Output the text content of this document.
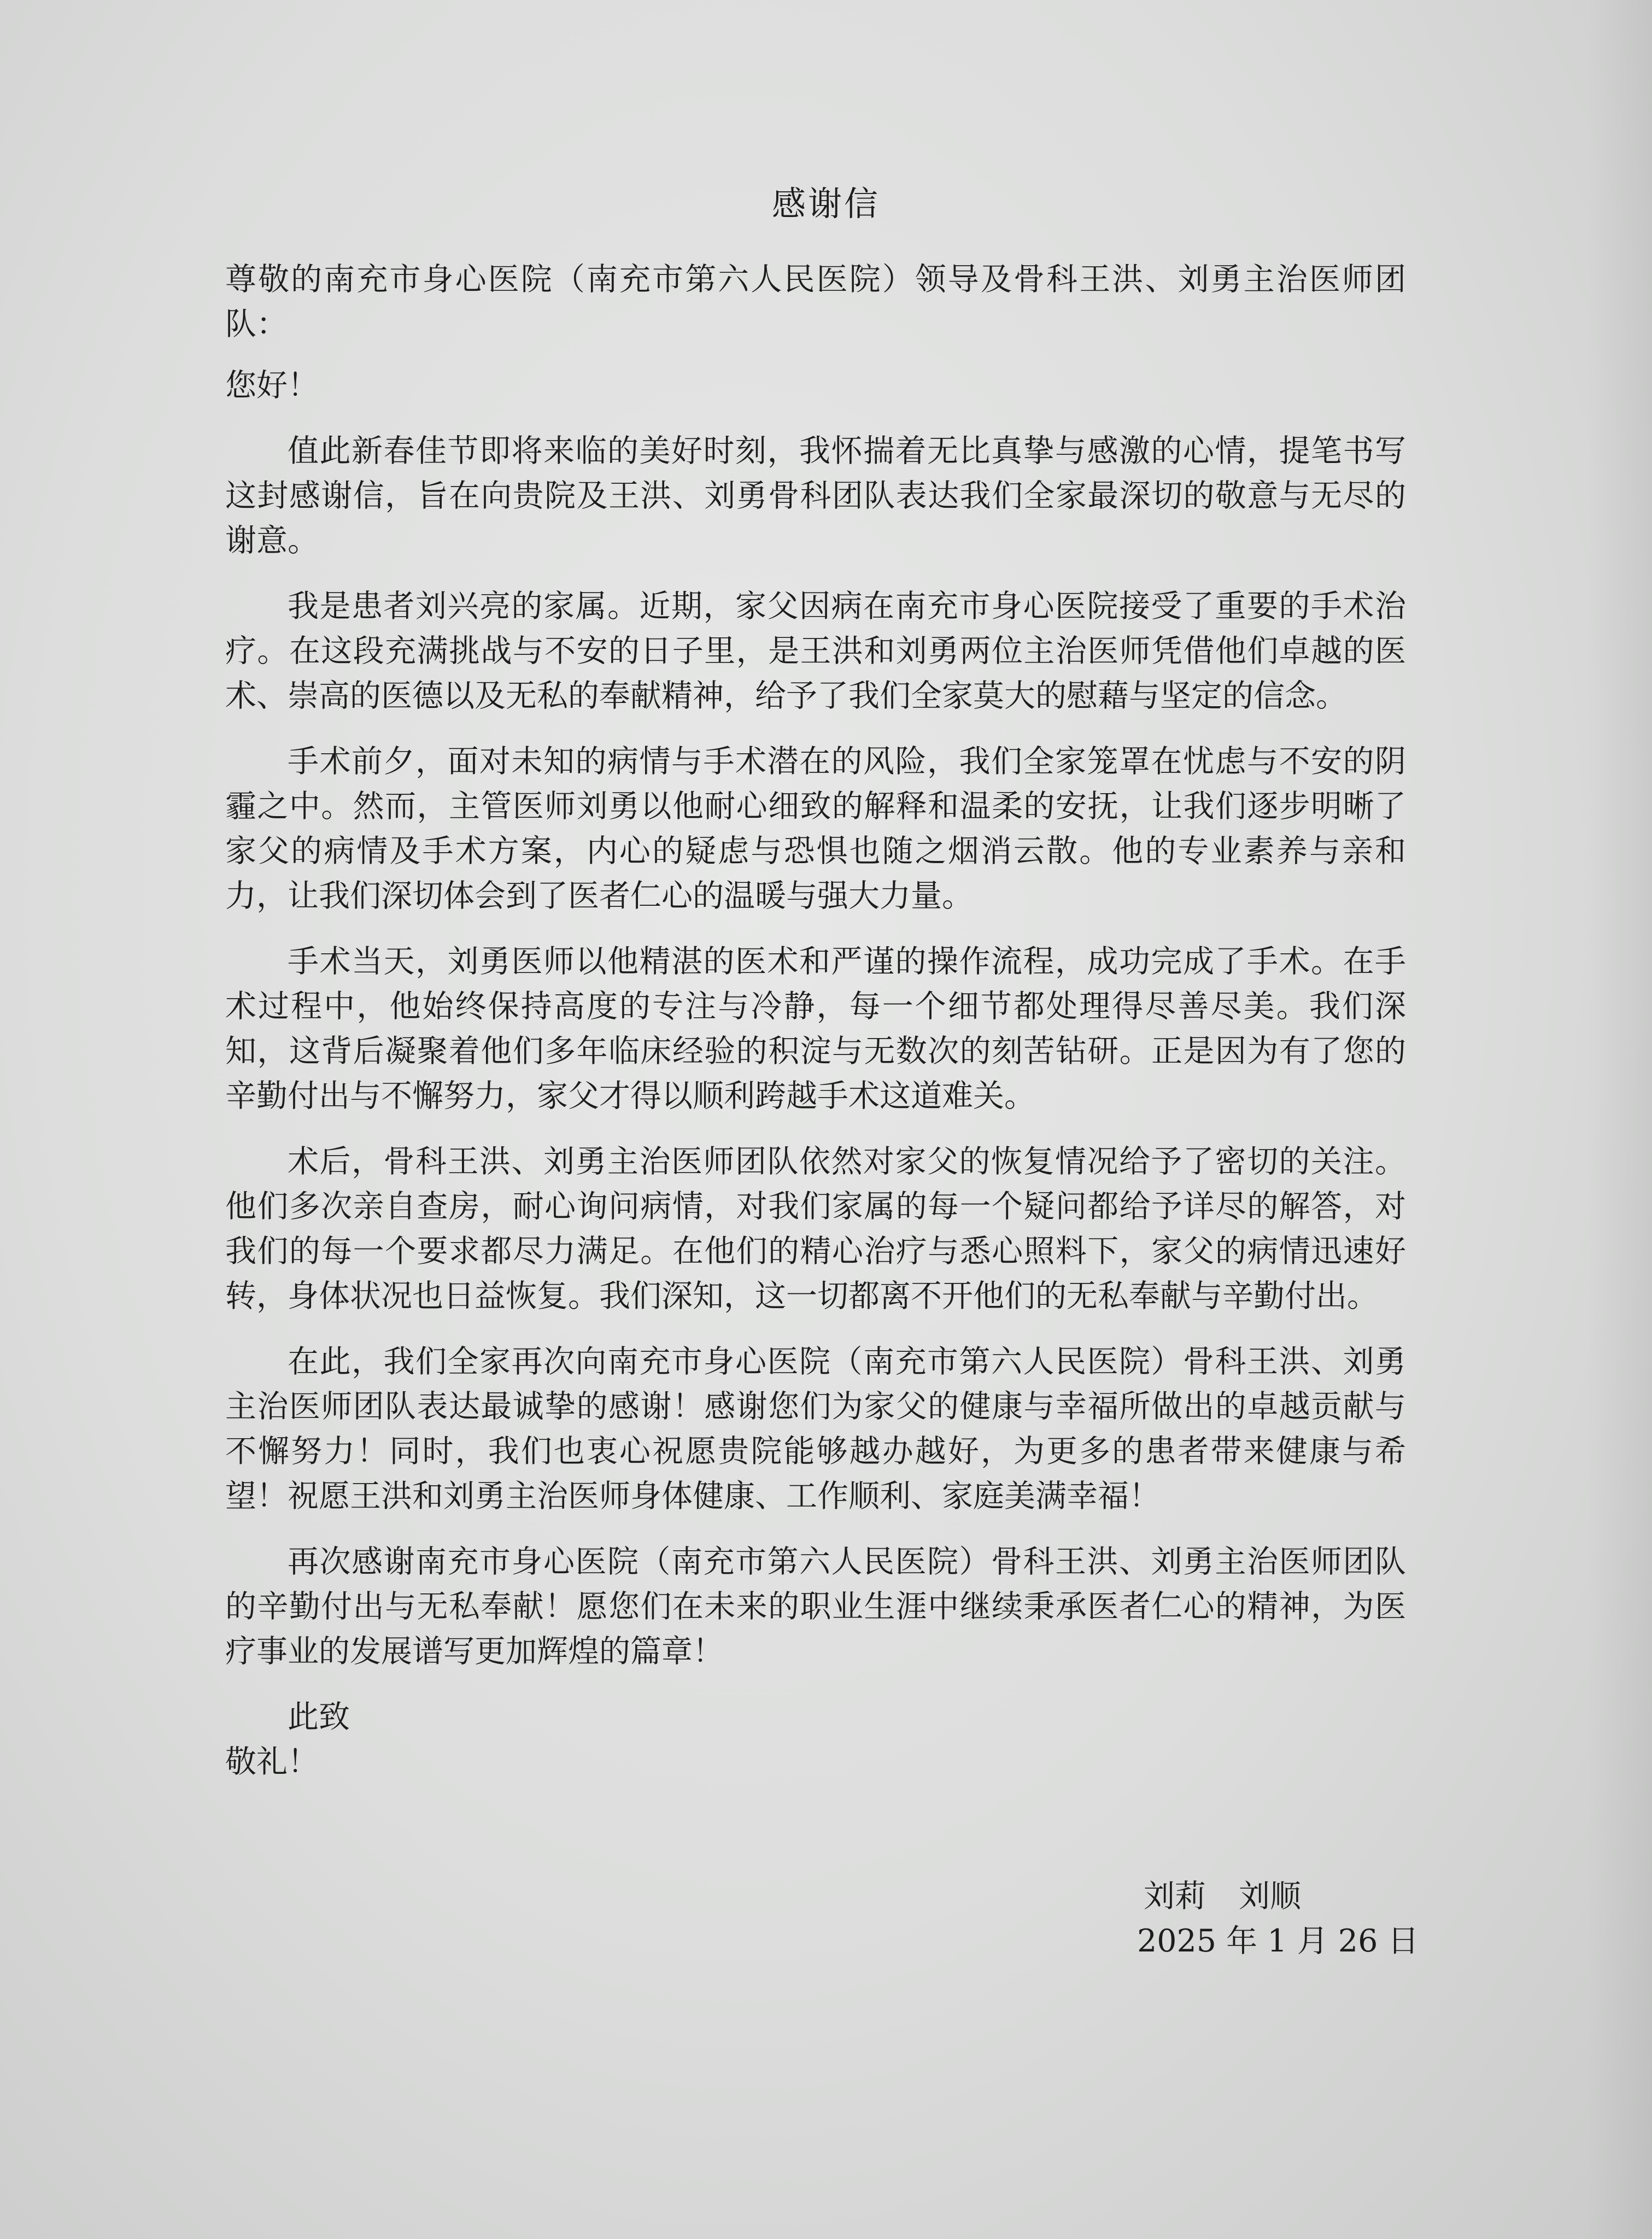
感谢信

尊敬的南充市身心医院（南充市第六人民医院）领导及骨科王洪、刘勇主治医师团队：

您好！

值此新春佳节即将来临的美好时刻，我怀揣着无比真挚与感激的心情，提笔书写这封感谢信，旨在向贵院及王洪、刘勇骨科团队表达我们全家最深切的敬意与无尽的谢意。

我是患者刘兴亮的家属。近期，家父因病在南充市身心医院接受了重要的手术治疗。在这段充满挑战与不安的日子里，是王洪和刘勇两位主治医师凭借他们卓越的医术、崇高的医德以及无私的奉献精神，给予了我们全家莫大的慰藉与坚定的信念。

手术前夕，面对未知的病情与手术潜在的风险，我们全家笼罩在忧虑与不安的阴霾之中。然而，主管医师刘勇以他耐心细致的解释和温柔的安抚，让我们逐步明晰了家父的病情及手术方案，内心的疑虑与恐惧也随之烟消云散。他的专业素养与亲和力，让我们深切体会到了医者仁心的温暖与强大力量。

手术当天，刘勇医师以他精湛的医术和严谨的操作流程，成功完成了手术。在手术过程中，他始终保持高度的专注与冷静，每一个细节都处理得尽善尽美。我们深知，这背后凝聚着他们多年临床经验的积淀与无数次的刻苦钻研。正是因为有了您的辛勤付出与不懈努力，家父才得以顺利跨越手术这道难关。

术后，骨科王洪、刘勇主治医师团队依然对家父的恢复情况给予了密切的关注。他们多次亲自查房，耐心询问病情，对我们家属的每一个疑问都给予详尽的解答，对我们的每一个要求都尽力满足。在他们的精心治疗与悉心照料下，家父的病情迅速好转，身体状况也日益恢复。我们深知，这一切都离不开他们的无私奉献与辛勤付出。

在此，我们全家再次向南充市身心医院（南充市第六人民医院）骨科王洪、刘勇主治医师团队表达最诚挚的感谢！感谢您们为家父的健康与幸福所做出的卓越贡献与不懈努力！同时，我们也衷心祝愿贵院能够越办越好，为更多的患者带来健康与希望！祝愿王洪和刘勇主治医师身体健康、工作顺利、家庭美满幸福！

再次感谢南充市身心医院（南充市第六人民医院）骨科王洪、刘勇主治医师团队的辛勤付出与无私奉献！愿您们在未来的职业生涯中继续秉承医者仁心的精神，为医疗事业的发展谱写更加辉煌的篇章！

此致

敬礼！

刘莉 刘顺
2025 年 1 月 26 日
